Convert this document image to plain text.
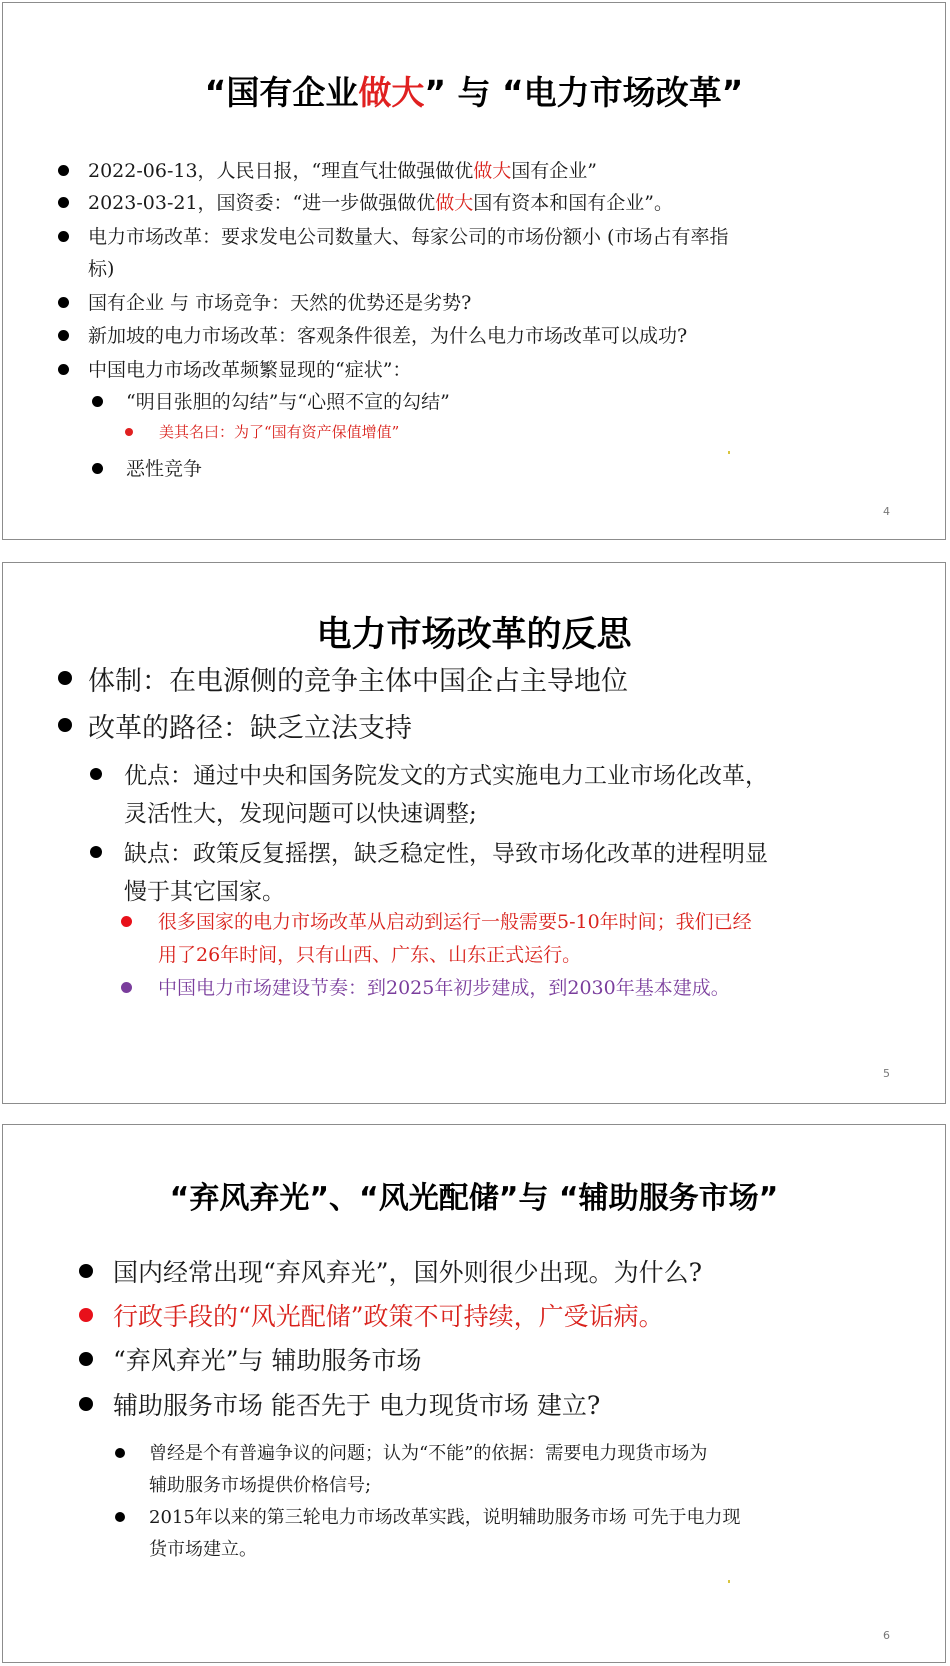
“国有企业做大” 与 “电力市场改革”
2022-06-13，人民日报，“理直气壮做强做优做大国有企业”
2023-03-21，国资委：“进一步做强做优做大国有资本和国有企业”。
电力市场改革：要求发电公司数量大、每家公司的市场份额小 (市场占有率指
标)
国有企业 与 市场竞争：天然的优势还是劣势?
新加坡的电力市场改革：客观条件很差，为什么电力市场改革可以成功?
中国电力市场改革频繁显现的“症状”：
“明目张胆的勾结”与“心照不宣的勾结”
美其名曰：为了“国有资产保值增值”
恶性竞争
4
电力市场改革的反思
体制：在电源侧的竞争主体中国企占主导地位
改革的路径：缺乏立法支持
优点：通过中央和国务院发文的方式实施电力工业市场化改革，
灵活性大，发现问题可以快速调整;
缺点：政策反复摇摆，缺乏稳定性，导致市场化改革的进程明显
慢于其它国家。
很多国家的电力市场改革从启动到运行一般需要5-10年时间；我们已经
用了26年时间，只有山西、广东、山东正式运行。
中国电力市场建设节奏：到2025年初步建成，到2030年基本建成。
5
“弃风弃光”、“风光配储”与 “辅助服务市场”
国内经常出现“弃风弃光”，国外则很少出现。为什么?
行政手段的“风光配储”政策不可持续，广受诟病。
“弃风弃光”与 辅助服务市场
辅助服务市场 能否先于 电力现货市场 建立?
曾经是个有普遍争议的问题；认为“不能”的依据：需要电力现货市场为
辅助服务市场提供价格信号;
2015年以来的第三轮电力市场改革实践，说明辅助服务市场 可先于电力现
货市场建立。
6
